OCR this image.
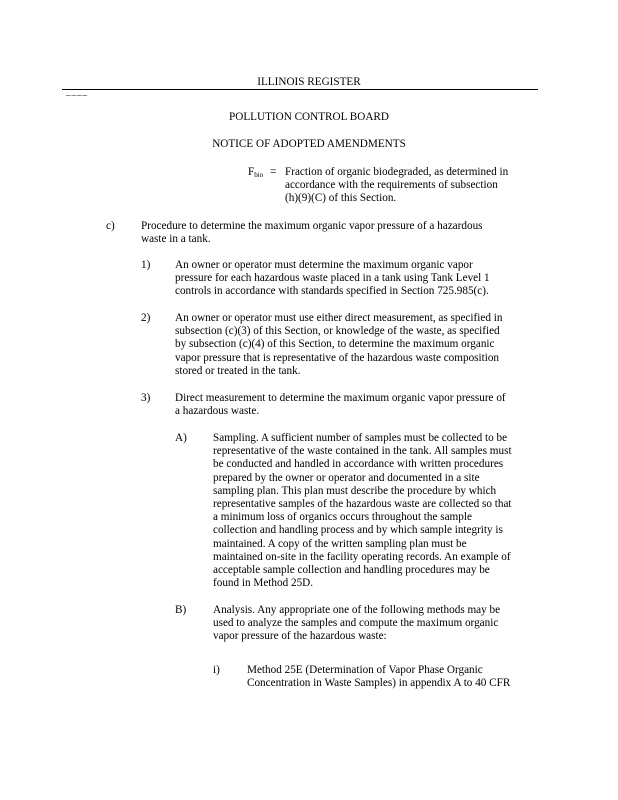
____
ILLINOIS REGISTER
POLLUTION CONTROL BOARD
NOTICE OF ADOPTED AMENDMENTS
$F_{bio}$ = Fraction of organic biodegraded, as determined in
accordance with the requirements of subsection
(h)(9)(C) of this Section.
c) Procedure to determine the maximum organic vapor pressure of a hazardous
waste in a tank.
1) An owner or operator must determine the maximum organic vapor
pressure for each hazardous waste placed in a tank using Tank Level 1
controls in accordance with standards specified in Section 725.985(c).
2) An owner or operator must use either direct measurement, as specified in
subsection (c)(3) of this Section, or knowledge of the waste, as specified
by subsection (c)(4) of this Section, to determine the maximum organic
vapor pressure that is representative of the hazardous waste composition
stored or treated in the tank.
3) Direct measurement to determine the maximum organic vapor pressure of
a hazardous waste.
A) Sampling. A sufficient number of samples must be collected to be
representative of the waste contained in the tank. All samples must
be conducted and handled in accordance with written procedures
prepared by the owner or operator and documented in a site
sampling plan. This plan must describe the procedure by which
representative samples of the hazardous waste are collected so that
a minimum loss of organics occurs throughout the sample
collection and handling process and by which sample integrity is
maintained. A copy of the written sampling plan must be
maintained on-site in the facility operating records. An example of
acceptable sample collection and handling procedures may be
found in Method 25D.
B) Analysis. Any appropriate one of the following methods may be
used to analyze the samples and compute the maximum organic
vapor pressure of the hazardous waste:
i) Method 25E (Determination of Vapor Phase Organic
Concentration in Waste Samples) in appendix A to 40 CFR
